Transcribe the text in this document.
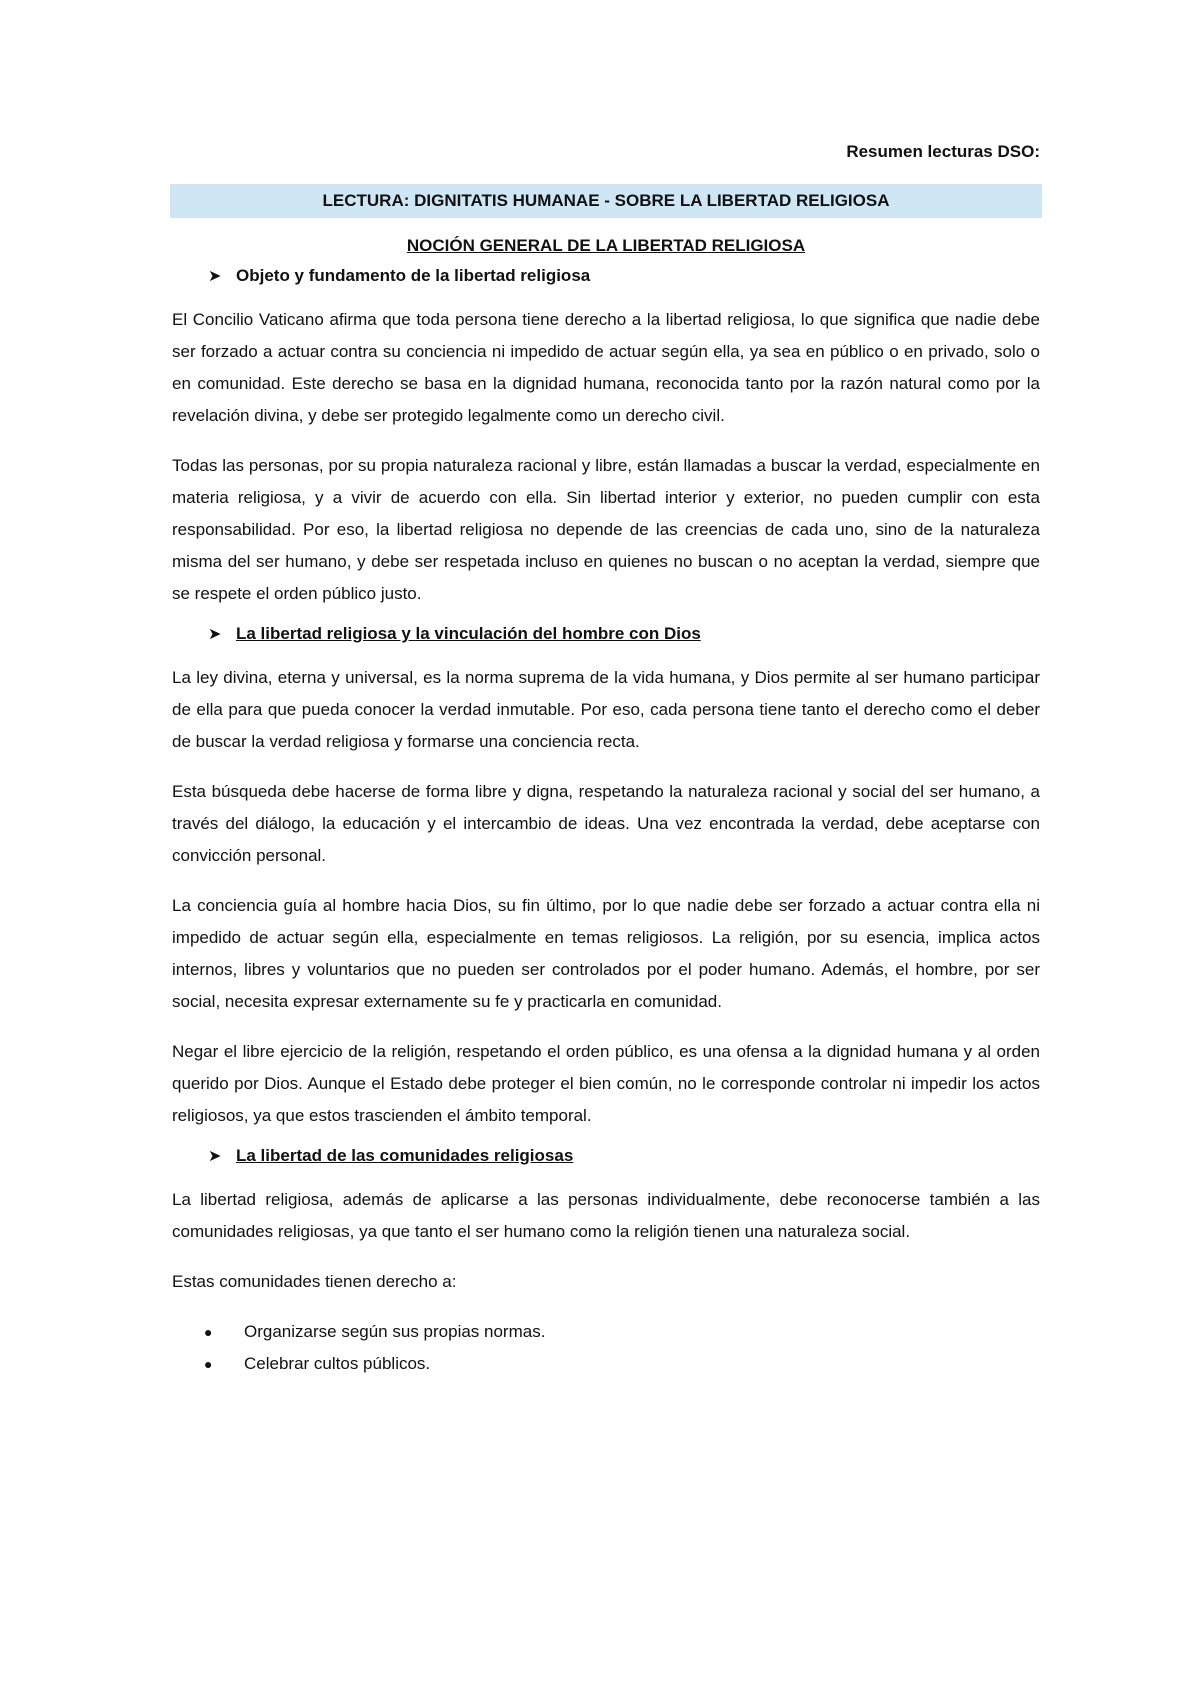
Resumen lecturas DSO:
LECTURA: DIGNITATIS HUMANAE - SOBRE LA LIBERTAD RELIGIOSA
NOCIÓN GENERAL DE LA LIBERTAD RELIGIOSA
➤ Objeto y fundamento de la libertad religiosa

El Concilio Vaticano afirma que toda persona tiene derecho a la libertad religiosa, lo que significa que nadie debe ser forzado a actuar contra su conciencia ni impedido de actuar según ella, ya sea en público o en privado, solo o en comunidad. Este derecho se basa en la dignidad humana, reconocida tanto por la razón natural como por la revelación divina, y debe ser protegido legalmente como un derecho civil.

Todas las personas, por su propia naturaleza racional y libre, están llamadas a buscar la verdad, especialmente en materia religiosa, y a vivir de acuerdo con ella. Sin libertad interior y exterior, no pueden cumplir con esta responsabilidad. Por eso, la libertad religiosa no depende de las creencias de cada uno, sino de la naturaleza misma del ser humano, y debe ser respetada incluso en quienes no buscan o no aceptan la verdad, siempre que se respete el orden público justo.

➤ La libertad religiosa y la vinculación del hombre con Dios

La ley divina, eterna y universal, es la norma suprema de la vida humana, y Dios permite al ser humano participar de ella para que pueda conocer la verdad inmutable. Por eso, cada persona tiene tanto el derecho como el deber de buscar la verdad religiosa y formarse una conciencia recta.

Esta búsqueda debe hacerse de forma libre y digna, respetando la naturaleza racional y social del ser humano, a través del diálogo, la educación y el intercambio de ideas. Una vez encontrada la verdad, debe aceptarse con convicción personal.

La conciencia guía al hombre hacia Dios, su fin último, por lo que nadie debe ser forzado a actuar contra ella ni impedido de actuar según ella, especialmente en temas religiosos. La religión, por su esencia, implica actos internos, libres y voluntarios que no pueden ser controlados por el poder humano. Además, el hombre, por ser social, necesita expresar externamente su fe y practicarla en comunidad.

Negar el libre ejercicio de la religión, respetando el orden público, es una ofensa a la dignidad humana y al orden querido por Dios. Aunque el Estado debe proteger el bien común, no le corresponde controlar ni impedir los actos religiosos, ya que estos trascienden el ámbito temporal.

➤ La libertad de las comunidades religiosas

La libertad religiosa, además de aplicarse a las personas individualmente, debe reconocerse también a las comunidades religiosas, ya que tanto el ser humano como la religión tienen una naturaleza social.

Estas comunidades tienen derecho a:

●	Organizarse según sus propias normas.
●	Celebrar cultos públicos.
